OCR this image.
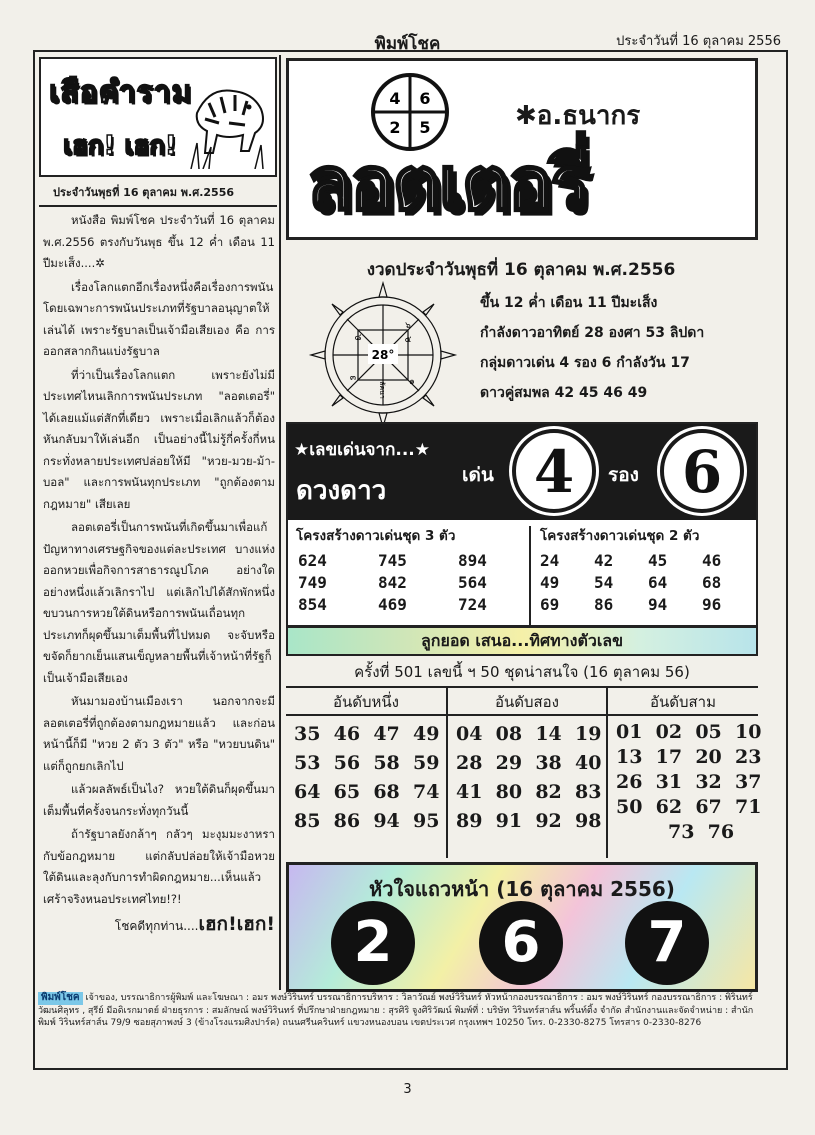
พิมพ์โชค	ประจำวันที่ 16 ตุลาคม 2556
เสือคำราม
เฮก! เฮก!
ประจำวันพุธที่ 16 ตุลาคม พ.ศ.2556

หนังสือ พิมพ์โชค ประจำวันที่ 16 ตุลาคม พ.ศ.2556 ตรงกับวันพุธ ขึ้น 12 ค่ำ เดือน 11 ปีมะเส็ง....✲

เรื่องโลกแตกอีกเรื่องหนึ่งคือเรื่องการพนัน โดยเฉพาะการพนันประเภทที่รัฐบาลอนุญาตให้เล่นได้ เพราะรัฐบาลเป็นเจ้ามือเสียเอง คือ การออกสลากกินแบ่งรัฐบาล

ที่ว่าเป็นเรื่องโลกแตก เพราะยังไม่มีประเทศไหนเลิกการพนันประเภท "ลอตเตอรี่" ได้เลยแม้แต่สักที่เดียว เพราะเมื่อเลิกแล้วก็ต้องหันกลับมาให้เล่นอีก เป็นอย่างนี้ไม่รู้กี่ครั้งกี่หน กระทั่งหลายประเทศปล่อยให้มี "หวย-มวย-ม้า-บอล" และการพนันทุกประเภท "ถูกต้องตามกฎหมาย" เสียเลย

ลอตเตอรี่เป็นการพนันที่เกิดขึ้นมาเพื่อแก้ปัญหาทางเศรษฐกิจของแต่ละประเทศ บางแห่งออกหวยเพื่อกิจการสาธารณูปโภค อย่างใดอย่างหนึ่งแล้วเลิกราไป แต่เลิกไปได้สักพักหนึ่ง ขบวนการหวยใต้ดินหรือการพนันเถื่อนทุกประเภทก็ผุดขึ้นมาเต็มพื้นที่ไปหมด จะจับหรือขจัดก็ยากเย็นแสนเข็ญหลายพื้นที่เจ้าหน้าที่รัฐก็เป็นเจ้ามือเสียเอง

หันมามองบ้านเมืองเรา นอกจากจะมีลอตเตอรี่ที่ถูกต้องตามกฎหมายแล้ว และก่อนหน้านี้ก็มี "หวย 2 ตัว 3 ตัว" หรือ "หวยบนดิน" แต่ก็ถูกยกเลิกไป

แล้วผลลัพธ์เป็นไง? หวยใต้ดินก็ผุดขึ้นมาเต็มพื้นที่ครั้งจนกระทั่งทุกวันนี้

ถ้ารัฐบาลยังกล้าๆ กลัวๆ มะงุมมะงาหรากับข้อกฎหมาย แต่กลับปล่อยให้เจ้ามือหวยใต้ดินและลุงกับการทำผิดกฎหมาย...เห็นแล้วเศร้าจริงหนอประเทศไทย!?!

โชคดีทุกท่าน....เฮก!เฮก!

4 6
2 5	✱อ.ธนากร
ลอตเตอรี่
งวดประจำวันพุธที่ 16 ตุลาคม พ.ศ.2556
28°
๘
๖
๕
๓
ลัคนา	๑
ขึ้น 12 ค่ำ เดือน 11 ปีมะเส็ง
กำลังดาวอาทิตย์ 28 องศา 53 ลิปดา
กลุ่มดาวเด่น 4 รอง 6 กำลังวัน 17
ดาวคู่สมพล 42 45 46 49
★เลขเด่นจาก...★
ดวงดาว
เด่น 4	รอง 6
โครงสร้างดาวเด่นชุด 3 ตัว
624	745	894
749	842	564
854	469	724
โครงสร้างดาวเด่นชุด 2 ตัว
24	42	45	46
49	54	64	68
69	86	94	96
ลูกยอด เสนอ...ทิศทางตัวเลข
ครั้งที่ 501 เลขนี้ ฯ 50 ชุดน่าสนใจ (16 ตุลาคม 56)
อันดับหนึ่ง
35  46  47  49
53  56  58  59
64  65  68  74
85  86  94  95
อันดับสอง
04  08  14  19
28  29  38  40
41  80  82  83
89  91  92  98
อันดับสาม
01  02  05  10
13  17  20  23
26  31  32  37
50  62  67  71
73  76
หัวใจแถวหน้า (16 ตุลาคม 2556)
2	6	7
พิมพ์โชค เจ้าของ, บรรณาธิการผู้พิมพ์ และโฆษณา : อมร พงษ์วิรินทร์ บรรณาธิการบริหาร : วิลาวัณย์ พงษ์วิรินทร์ หัวหน้ากองบรรณาธิการ : อมร พงษ์วิรินทร์ กองบรรณาธิการ : พิรินทร์ วัฒนศิลุทร , สุรีย์ มีอดิเรกมาตย์ ฝ่ายธุรการ : สมลักษณ์ พงษ์วิรินทร์ ที่ปรึกษาฝ่ายกฎหมาย : สุรศิริ จูงศิริวัฒน์ พิมพ์ที่ : บริษัท วิรินทร์สาส์น พริ้นท์ติ้ง จำกัด สำนักงานและจัดจำหน่าย : สำนักพิมพ์ วิรินทร์สาส์น 79/9 ซอยสุภาพงษ์ 3 (ข้างโรงแรมศิงปาร์ค) ถนนศรีนครินทร์ แขวงหนองบอน เขตประเวศ กรุงเทพฯ 10250 โทร. 0-2330-8275 โทรสาร 0-2330-8276
3
